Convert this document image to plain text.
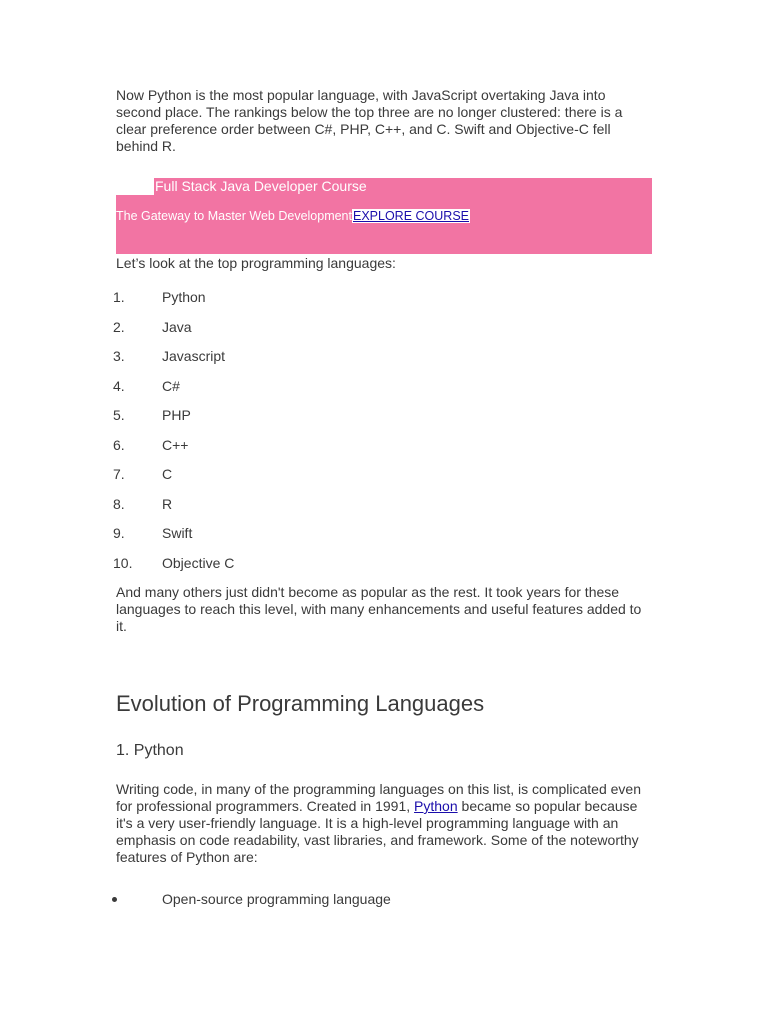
Now Python is the most popular language, with JavaScript overtaking Java into second place. The rankings below the top three are no longer clustered: there is a clear preference order between C#, PHP, C++, and C. Swift and Objective-C fell behind R.

Full Stack Java Developer Course
The Gateway to Master Web DevelopmentEXPLORE COURSE

Let’s look at the top programming languages:

1.	Python
2.	Java
3.	Javascript
4.	C#
5.	PHP
6.	C++
7.	C
8.	R
9.	Swift
10.	Objective C

And many others just didn't become as popular as the rest. It took years for these languages to reach this level, with many enhancements and useful features added to it.

Evolution of Programming Languages
1. Python

Writing code, in many of the programming languages on this list, is complicated even for professional programmers. Created in 1991, Python became so popular because it's a very user-friendly language. It is a high-level programming language with an emphasis on code readability, vast libraries, and framework. Some of the noteworthy features of Python are:

Open-source programming language
